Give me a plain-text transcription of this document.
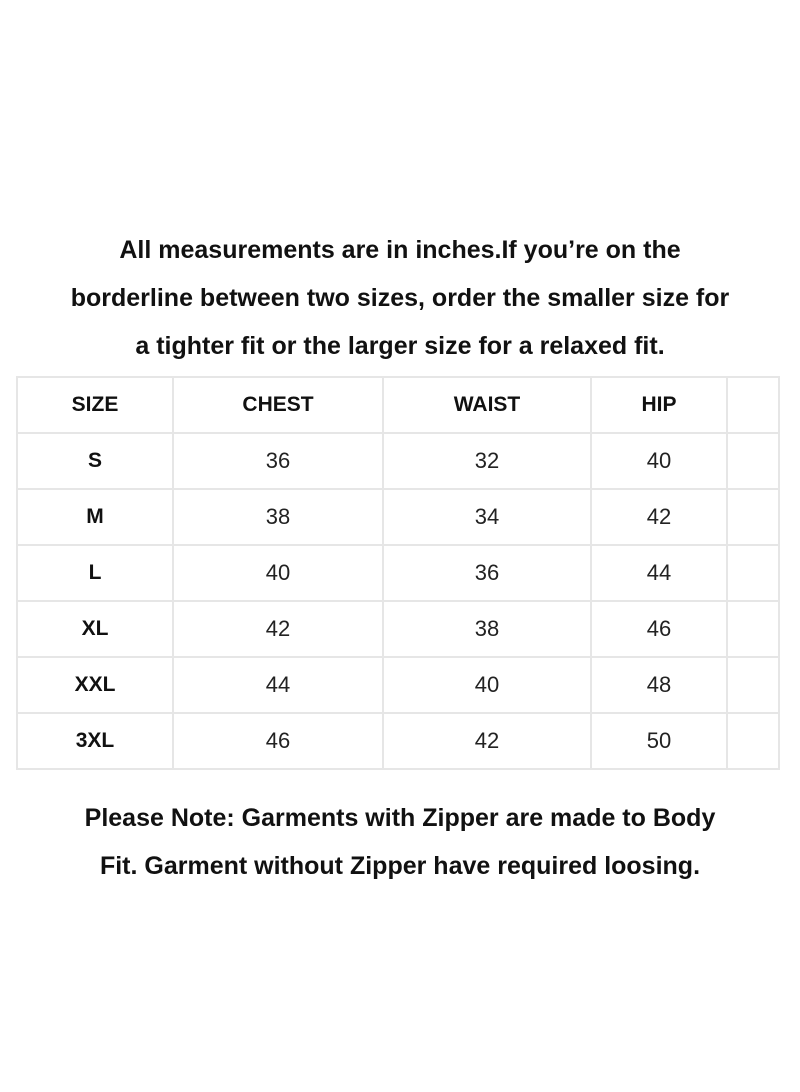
All measurements are in inches.If you’re on the
borderline between two sizes, order the smaller size for
a tighter fit or the larger size for a relaxed fit.
SIZE	CHEST	WAIST	HIP	
S	36	32	40	
M	38	34	42	
L	40	36	44	
XL	42	38	46	
XXL	44	40	48	
3XL	46	42	50	
Please Note: Garments with Zipper are made to Body
Fit. Garment without Zipper have required loosing.
